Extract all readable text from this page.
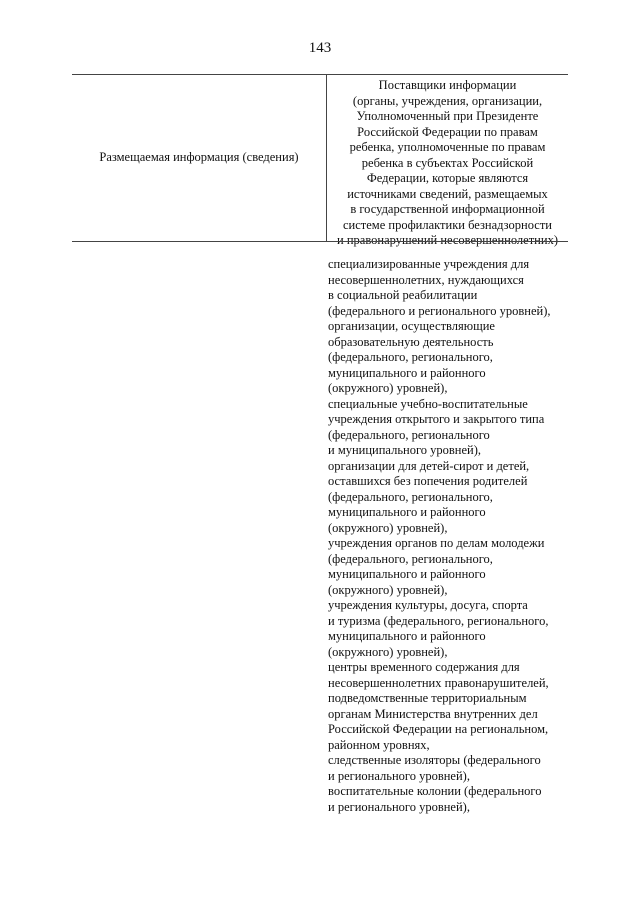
143
Размещаемая информация (сведения)
Поставщики информации
(органы, учреждения, организации,
Уполномоченный при Президенте
Российской Федерации по правам
ребенка, уполномоченные по правам
ребенка в субъектах Российской
Федерации, которые являются
источниками сведений, размещаемых
в государственной информационной
системе профилактики безнадзорности
и правонарушений несовершеннолетних)
специализированные учреждения для
несовершеннолетних, нуждающихся
в социальной реабилитации
(федерального и регионального уровней),
организации, осуществляющие
образовательную деятельность
(федерального, регионального,
муниципального и районного
(окружного) уровней),
специальные учебно-воспитательные
учреждения открытого и закрытого типа
(федерального, регионального
и муниципального уровней),
организации для детей-сирот и детей,
оставшихся без попечения родителей
(федерального, регионального,
муниципального и районного
(окружного) уровней),
учреждения органов по делам молодежи
(федерального, регионального,
муниципального и районного
(окружного) уровней),
учреждения культуры, досуга, спорта
и туризма (федерального, регионального,
муниципального и районного
(окружного) уровней),
центры временного содержания для
несовершеннолетних правонарушителей,
подведомственные территориальным
органам Министерства внутренних дел
Российской Федерации на региональном,
районном уровнях,
следственные изоляторы (федерального
и регионального уровней),
воспитательные колонии (федерального
и регионального уровней),
